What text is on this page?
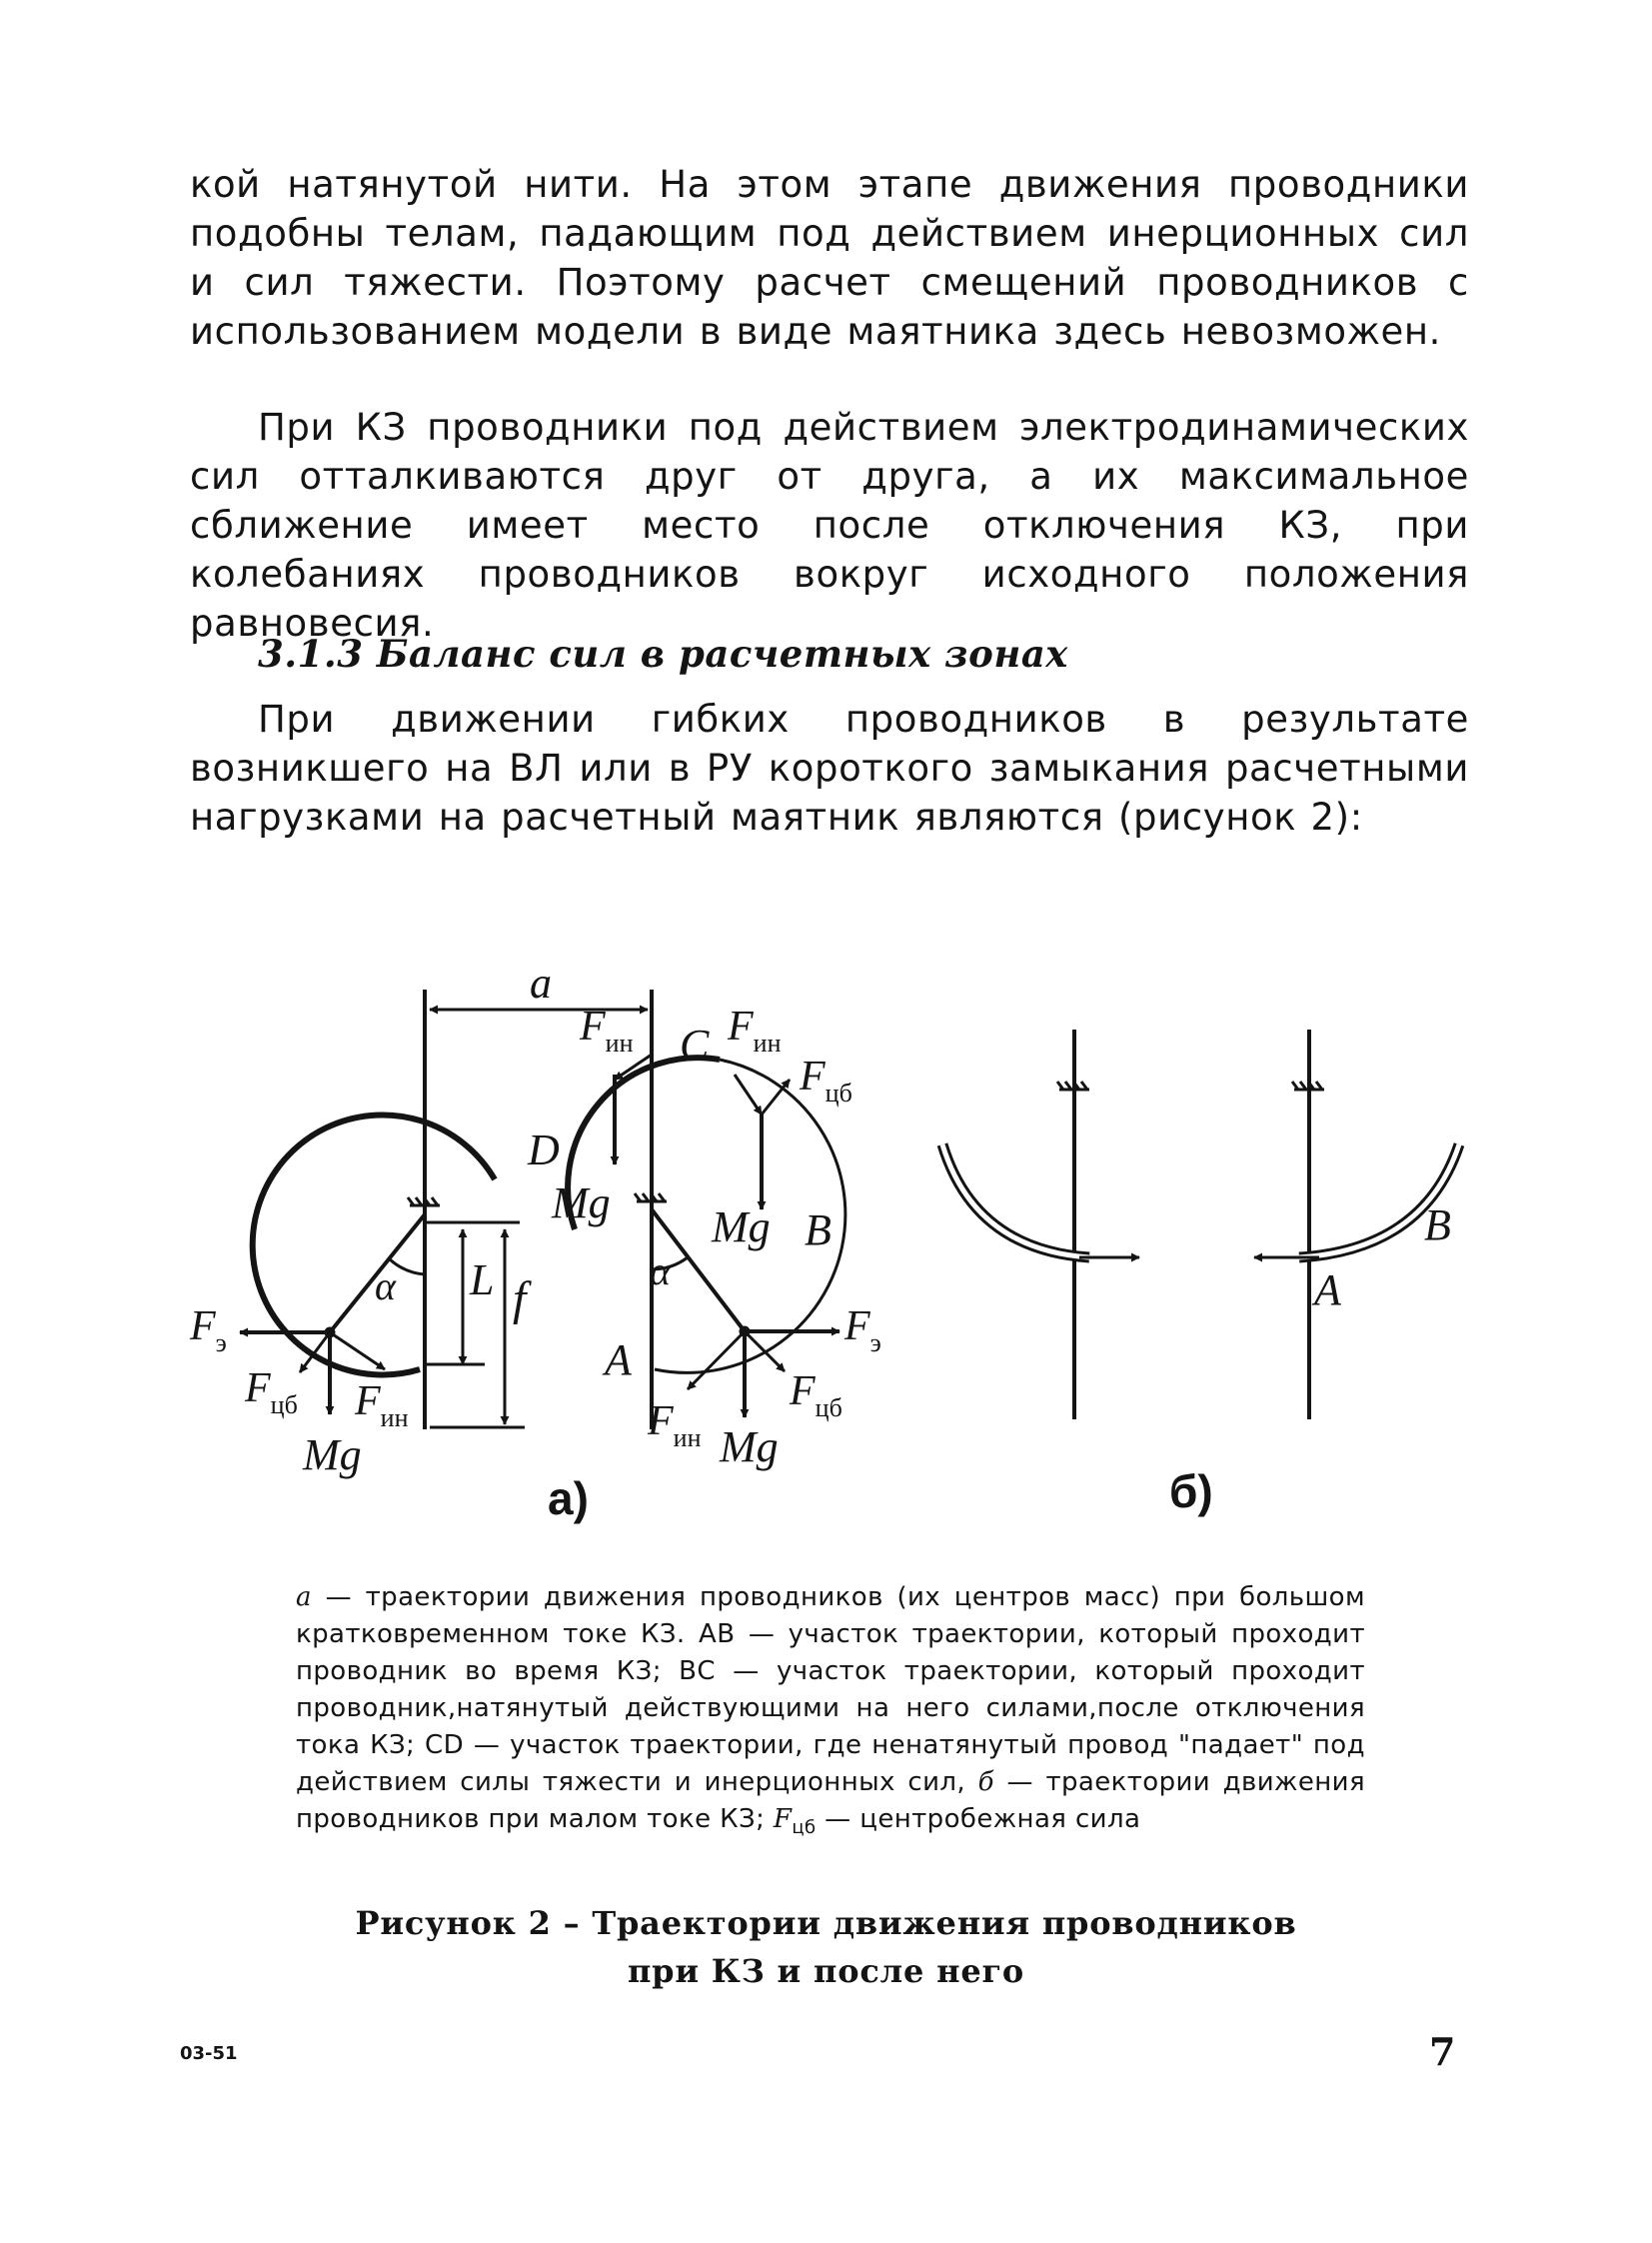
кой натянутой нити. На этом этапе движения проводники подобны телам, падающим под действием инерционных сил и сил тяжести. Поэтому расчет смещений проводников с использованием модели в виде маятника здесь невозможен.

При КЗ проводники под действием электродинамических сил отталкиваются друг от друга, а их максимальное сближение имеет место после отключения КЗ, при колебаниях проводников вокруг исходного положения равновесия.

3.1.3 Баланс сил в расчетных зонах

При движении гибких проводников в результате возникшего на ВЛ или в РУ короткого замыкания расчетными нагрузками на расчетный маятник являются (рисунок 2):

a
$F_{ин}$ C $F_{ин}$
$F_{цб}$
D
Mg Mg B
α L f
α
$F_э$	$F_э$
A
$F_{цб}$ $F_{ин}$
Mg
$F_{цб}$
$F_{ин}$ Mg
B
A
а)	б)

а — траектории движения проводников (их центров масс) при большом кратковременном токе КЗ. АВ — участок траектории, который проходит проводник во время КЗ; ВС — участок траектории, который проходит проводник,натянутый действующими на него силами,после отключения тока КЗ; СD — участок траектории, где ненатянутый провод "падает" под действием силы тяжести и инерционных сил, б — траектории движения проводников при малом токе КЗ; $F_{цб}$ — центробежная сила

Рисунок 2 – Траектории движения проводников

при КЗ и после него

03-51	7
